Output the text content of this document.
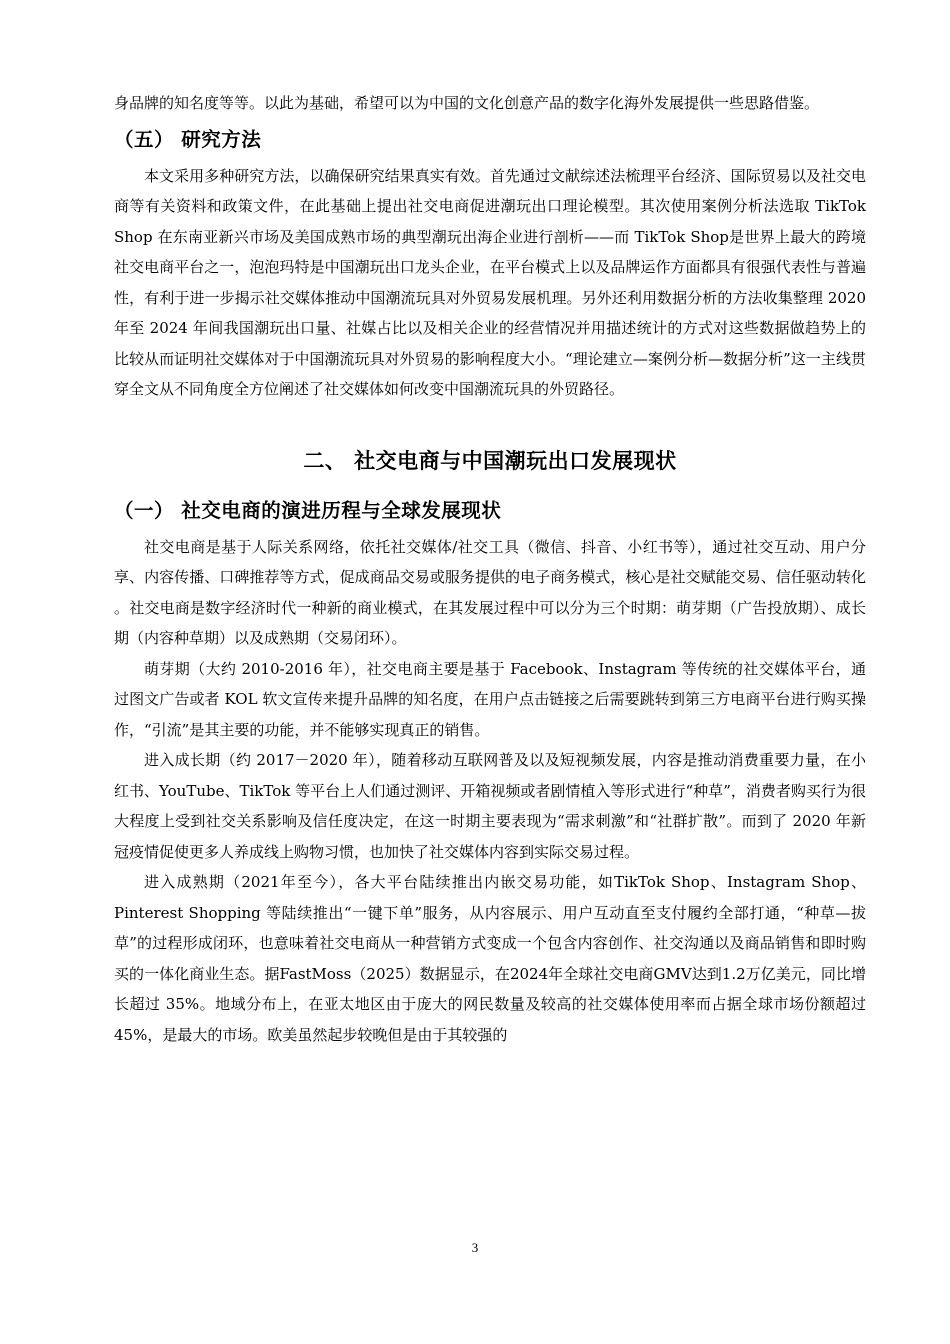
身品牌的知名度等等。以此为基础，希望可以为中国的文化创意产品的数字化海外发展提供一些思路借鉴。

（五） 研究方法

本文采用多种研究方法，以确保研究结果真实有效。首先通过文献综述法梳理平台经济、国际贸易以及社交电商等有关资料和政策文件，在此基础上提出社交电商促进潮玩出口理论模型。其次使用案例分析法选取 TikTok Shop 在东南亚新兴市场及美国成熟市场的典型潮玩出海企业进行剖析——而 TikTok Shop是世界上最大的跨境社交电商平台之一，泡泡玛特是中国潮玩出口龙头企业，在平台模式上以及品牌运作方面都具有很强代表性与普遍性，有利于进一步揭示社交媒体推动中国潮流玩具对外贸易发展机理。另外还利用数据分析的方法收集整理 2020 年至 2024 年间我国潮玩出口量、社媒占比以及相关企业的经营情况并用描述统计的方式对这些数据做趋势上的比较从而证明社交媒体对于中国潮流玩具对外贸易的影响程度大小。“理论建立—案例分析—数据分析”这一主线贯穿全文从不同角度全方位阐述了社交媒体如何改变中国潮流玩具的外贸路径。

二、 社交电商与中国潮玩出口发展现状

（一） 社交电商的演进历程与全球发展现状

社交电商是基于人际关系网络，依托社交媒体/社交工具（微信、抖音、小红书等），通过社交互动、用户分享、内容传播、口碑推荐等方式，促成商品交易或服务提供的电子商务模式，核心是社交赋能交易、信任驱动转化 。社交电商是数字经济时代一种新的商业模式，在其发展过程中可以分为三个时期：萌芽期（广告投放期）、成长期（内容种草期）以及成熟期（交易闭环）。

萌芽期（大约 2010-2016 年），社交电商主要是基于 Facebook、Instagram 等传统的社交媒体平台，通过图文广告或者 KOL 软文宣传来提升品牌的知名度，在用户点击链接之后需要跳转到第三方电商平台进行购买操作，“引流”是其主要的功能，并不能够实现真正的销售。

进入成长期（约 2017－2020 年），随着移动互联网普及以及短视频发展，内容是推动消费重要力量，在小红书、YouTube、TikTok 等平台上人们通过测评、开箱视频或者剧情植入等形式进行“种草”，消费者购买行为很大程度上受到社交关系影响及信任度决定，在这一时期主要表现为“需求刺激”和“社群扩散”。而到了 2020 年新冠疫情促使更多人养成线上购物习惯，也加快了社交媒体内容到实际交易过程。

进入成熟期（2021年至今），各大平台陆续推出内嵌交易功能，如TikTok Shop、Instagram Shop、Pinterest Shopping 等陆续推出“一键下单”服务，从内容展示、用户互动直至支付履约全部打通，“种草—拔草”的过程形成闭环，也意味着社交电商从一种营销方式变成一个包含内容创作、社交沟通以及商品销售和即时购买的一体化商业生态。据FastMoss（2025）数据显示，在2024年全球社交电商GMV达到1.2万亿美元，同比增长超过 35%。地域分布上，在亚太地区由于庞大的网民数量及较高的社交媒体使用率而占据全球市场份额超过 45%，是最大的市场。欧美虽然起步较晚但是由于其较强的

3
